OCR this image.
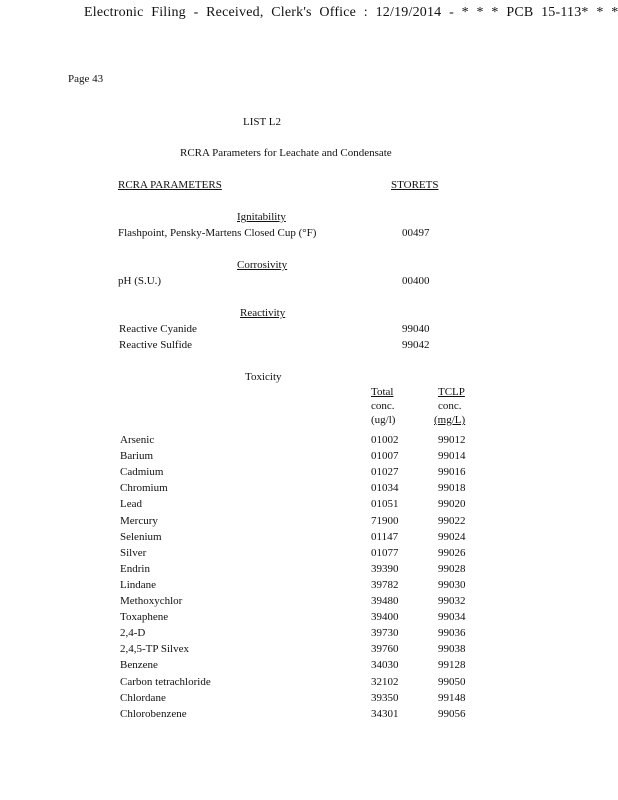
Electronic Filing - Received, Clerk's Office : 12/19/2014 - * * * PCB 15-113* * *
Page 43
LIST L2
RCRA Parameters for Leachate and Condensate
RCRA PARAMETERS	STORETS
Ignitability
Flashpoint, Pensky-Martens Closed Cup (°F)	00497
Corrosivity
pH (S.U.)	00400
Reactivity
Reactive Cyanide	99040
Reactive Sulfide	99042
Toxicity
Total
conc.
(ug/l)
TCLP
conc.
(mg/L)
Arsenic	01002	99012
Barium	01007	99014
Cadmium	01027	99016
Chromium	01034	99018
Lead	01051	99020
Mercury	71900	99022
Selenium	01147	99024
Silver	01077	99026
Endrin	39390	99028
Lindane	39782	99030
Methoxychlor	39480	99032
Toxaphene	39400	99034
2,4-D	39730	99036
2,4,5-TP Silvex	39760	99038
Benzene	34030	99128
Carbon tetrachloride	32102	99050
Chlordane	39350	99148
Chlorobenzene	34301	99056
